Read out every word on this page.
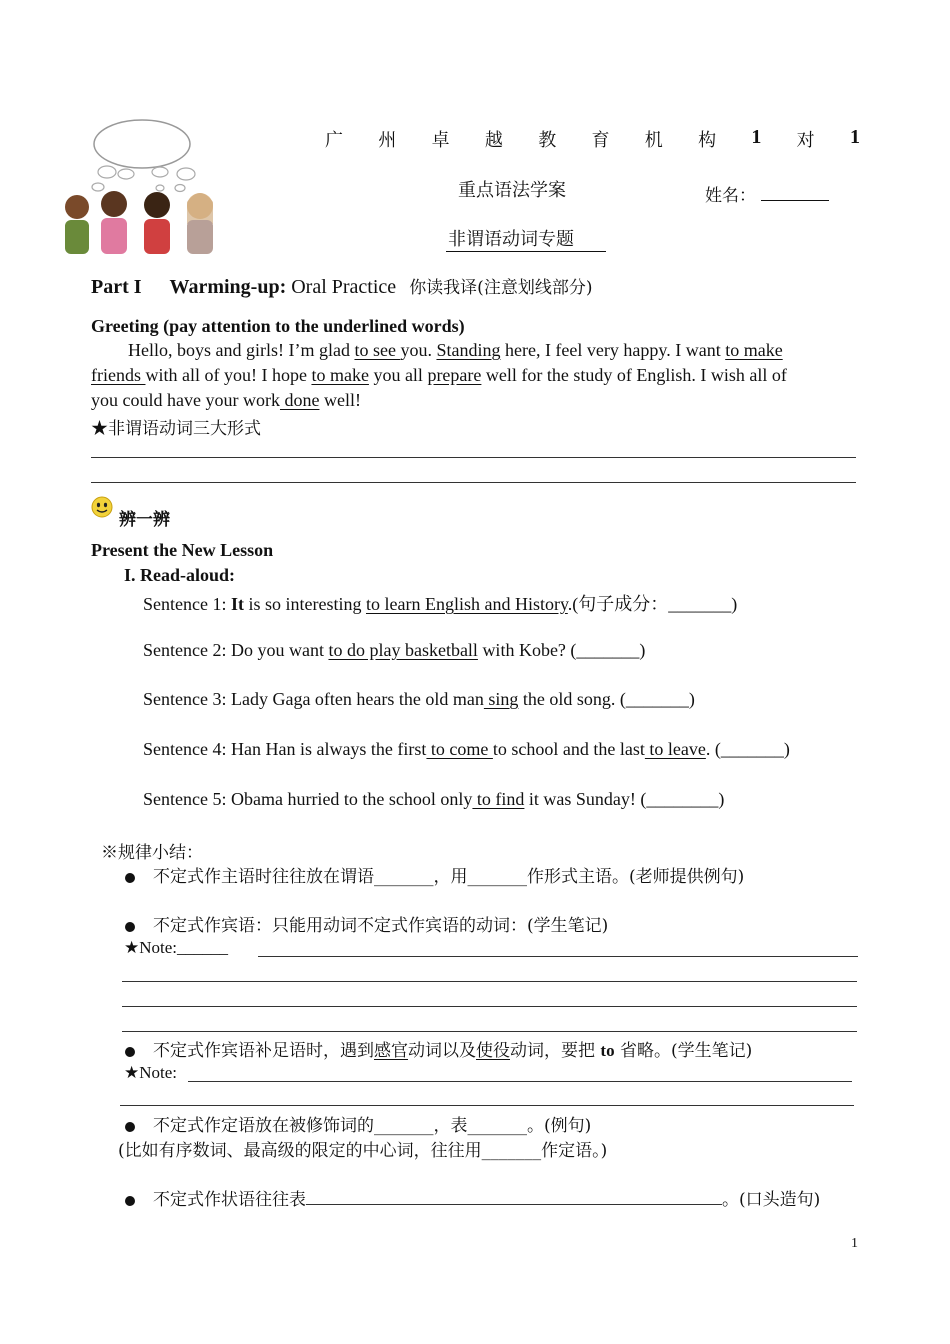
广 州 卓 越 教 育 机 构 1 对 1
重点语法学案	姓名：
非谓语动词专题
Part I Warming-up: Oral Practice 你读我译(注意划线部分)
Greeting (pay attention to the underlined words)
Hello, boys and girls! I’m glad to see you. Standing here, I feel very happy. I want to make
friends with all of you! I hope to make you all prepare well for the study of English. I wish all of
you could have your work done well!
★非谓语动词三大形式
辨一辨
Present the New Lesson
I. Read-aloud:
Sentence 1: It is so interesting to learn English and History.(句子成分：_______)
Sentence 2: Do you want to do play basketball with Kobe? (_______)
Sentence 3: Lady Gaga often hears the old man sing the old song. (_______)
Sentence 4: Han Han is always the first to come to school and the last to leave. (_______)
Sentence 5: Obama hurried to the school only to find it was Sunday! (________)
※规律小结：
不定式作主语时往往放在谓语_______，用_______作形式主语。(老师提供例句)
不定式作宾语：只能用动词不定式作宾语的动词：(学生笔记)
★Note:______
不定式作宾语补足语时，遇到感官动词以及使役动词，要把 to 省略。(学生笔记)
★Note:
不定式作定语放在被修饰词的_______，表_______。(例句)
(比如有序数词、最高级的限定的中心词，往往用_______作定语。)
不定式作状语往往表	。(口头造句)
1
